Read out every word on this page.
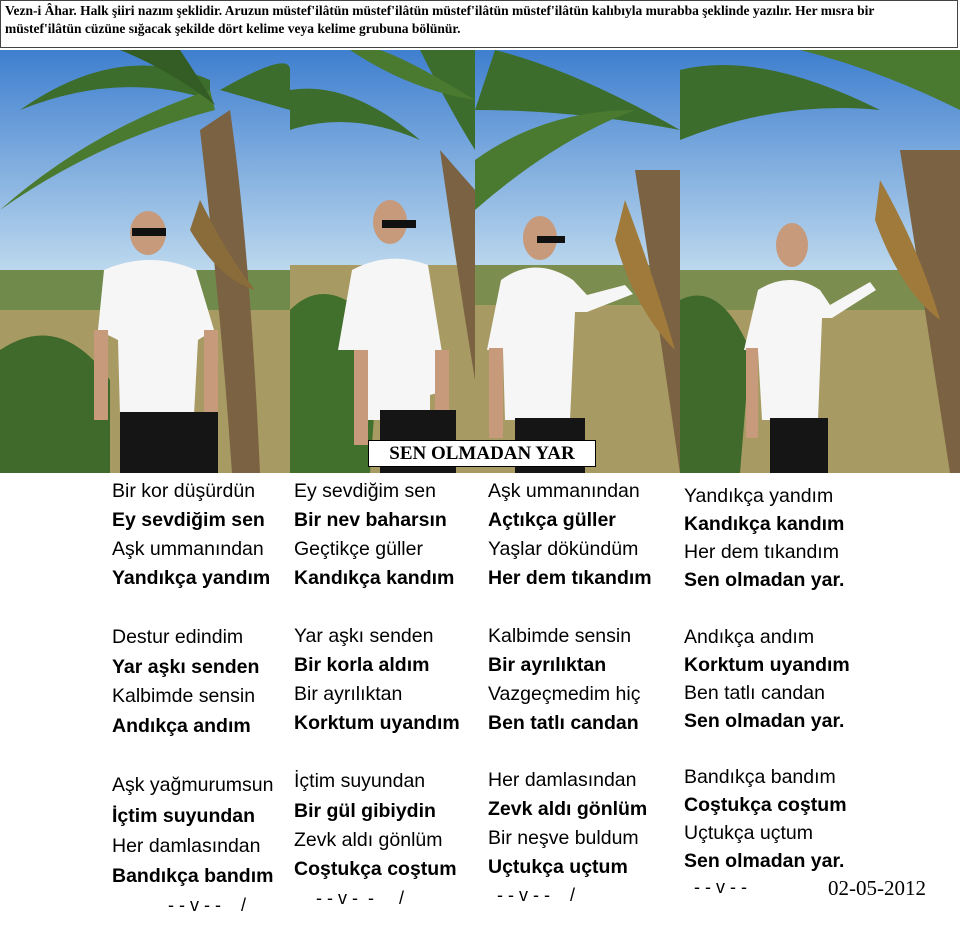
Vezn-i Âhar. Halk şiiri nazım şeklidir. Aruzun müstef'ilâtün müstef'ilâtün müstef'ilâtün müstef'ilâtün kalıbıyla murabba şeklinde yazılır. Her mısra bir müstef'ilâtün cüzüne sığacak şekilde dört kelime veya kelime grubuna bölünür.
SEN OLMADAN YAR
Bir kor düşürdün
Ey sevdiğim sen
Aşk ummanından
Yandıkça yandım
Destur edindim
Yar aşkı senden
Kalbimde sensin
Andıkça andım
Aşk yağmurumsun
İçtim suyundan
Her damlasından
Bandıkça bandım
Ey sevdiğim sen
Bir nev baharsın
Geçtikçe güller
Kandıkça kandım
Yar aşkı senden
Bir korla aldım
Bir ayrılıktan
Korktum uyandım
İçtim suyundan
Bir gül gibiydin
Zevk aldı gönlüm
Coştukça coştum
Aşk ummanından
Açtıkça güller
Yaşlar dökündüm
Her dem tıkandım
Kalbimde sensin
Bir ayrılıktan
Vazgeçmedim hiç
Ben tatlı candan
Her damlasından
Zevk aldı gönlüm
Bir neşve buldum
Uçtukça uçtum
Yandıkça yandım
Kandıkça kandım
Her dem tıkandım
Sen olmadan yar.
Andıkça andım
Korktum uyandım
Ben tatlı candan
Sen olmadan yar.
Bandıkça bandım
Coştukça coştum
Uçtukça uçtum
Sen olmadan yar.
- - v - -    /	- - v -  -     /	- - v - -    /	- - v - -	02-05-2012
